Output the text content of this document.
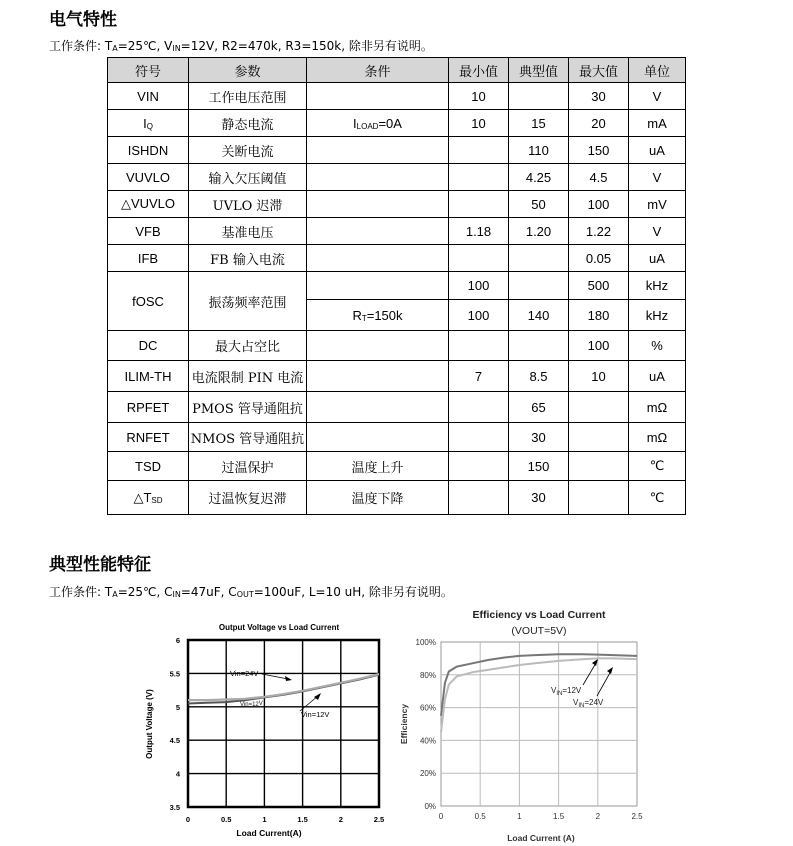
电气特性

工作条件: $T_A=25℃$, $V_{IN}=12V$, R2=470k, R3=150k, 除非另有说明。

符号	参数	条件	最小值	典型值	最大值	单位
VIN	工作电压范围		10		30	V
$I_Q$	静态电流	$I_{LOAD}=0A$	10	15	20	mA
ISHDN	关断电流			110	150	uA
VUVLO	输入欠压阈值			4.25	4.5	V
△VUVLO	UVLO 迟滞			50	100	mV
VFB	基准电压		1.18	1.20	1.22	V
IFB	FB 输入电流				0.05	uA
fOSC	振荡频率范围		100		500	kHz
		$R_T=150k$	100	140	180	kHz
DC	最大占空比				100	%
ILIM-TH	电流限制 PIN 电流		7	8.5	10	uA
RPFET	PMOS 管导通阻抗			65		mΩ
RNFET	NMOS 管导通阻抗			30		mΩ
TSD	过温保护	温度上升		150		℃
$\triangle T_{SD}$	过温恢复迟滞	温度下降		30		℃
典型性能特征

工作条件: $T_A=25℃$, $C_{IN}=47uF$, $C_{OUT}=100uF$, L=10 uH, 除非另有说明。

Output Voltage vs Load Current
3.5
4
4.5
5
5.5
6
0	0.5	1	1.5	2	2.5
Load Current(A)
Output Voltage (V)
Vin=24V
Vin=12V
Vin=12V
Efficiency vs Load Current
(VOUT=5V)
0%
20%
40%
60%
80%
100%
0	0.5	1	1.5	2	2.5
Load Current (A)
Efficiency
$V_{IN}=12V$
$V_{IN}=24V$
